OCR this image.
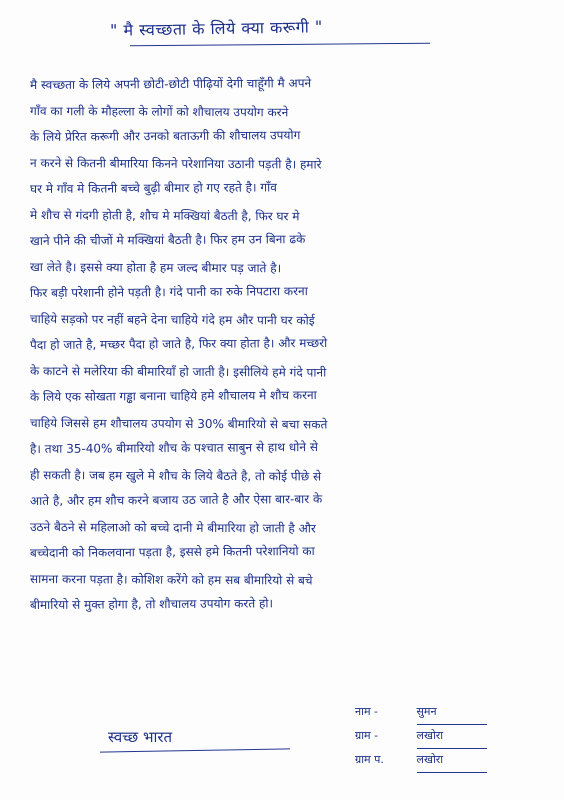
" मै स्वच्छता के लिये क्या करूगी "
मै स्वच्छता के लिये अपनी छोटी-छोटी पीढ़ियों देगी चाहूँगी मै अपने
गाँव का गली के मौहल्ला के लोगों को शौचालय उपयोग करने
के लिये प्रेरित करूगी और उनको बताऊगी की शौचालय उपयोग
न करने से कितनी बीमारिया किनने परेशानिया उठानी पड़ती है। हमारे
घर मे गाँव मे कितनी बच्चे बुढ़ी बीमार हो गए रहते है। गाँव
मे शौच से गंदगी होती है, शौच मे मक्खियां बैठती है, फिर घर मे
खाने पीने की चीजों मे मक्खियां बैठती है। फिर हम उन बिना ढके
खा लेते है। इससे क्या होता है हम जल्द बीमार पड़ जाते है।
फिर बड़ी परेशानी होने पड़ती है। गंदे पानी का रुके निपटारा करना
चाहिये सड़को पर नहीं बहने देना चाहिये गंदे हम और पानी घर कोई
पैदा हो जाते है, मच्छर पैदा हो जाते है, फिर क्या होता है। और मच्छरो
के काटने से मलेरिया की बीमारियाँ हो जाती है। इसीलिये हमे गंदे पानी
के लिये एक सोखता गड्ढा बनाना चाहिये हमे शौचालय मे शौच करना
चाहिये जिससे हम शौचालय उपयोग से 30% बीमारियो से बचा सकते
है। तथा 35-40% बीमारियो शौच के पश्चात साबुन से हाथ धोने से
ही सकती है। जब हम खुले मे शौच के लिये बैठते है, तो कोई पीछे से
आते है, और हम शौच करने बजाय उठ जाते है और ऐसा बार-बार के
उठने बैठने से महिलाओ को बच्चे दानी मे बीमारिया हो जाती है और
बच्चेदानी को निकलवाना पड़ता है, इससे हमे कितनी परेशानियो का
सामना करना पड़ता है। कोशिश करेंगे को हम सब बीमारियो से बचे
बीमारियो से मुक्त होगा है, तो शौचालय उपयोग करते हो।
स्वच्छ भारत
नाम -	सुमन
ग्राम -	लखोरा
ग्राम प.	लखोरा
